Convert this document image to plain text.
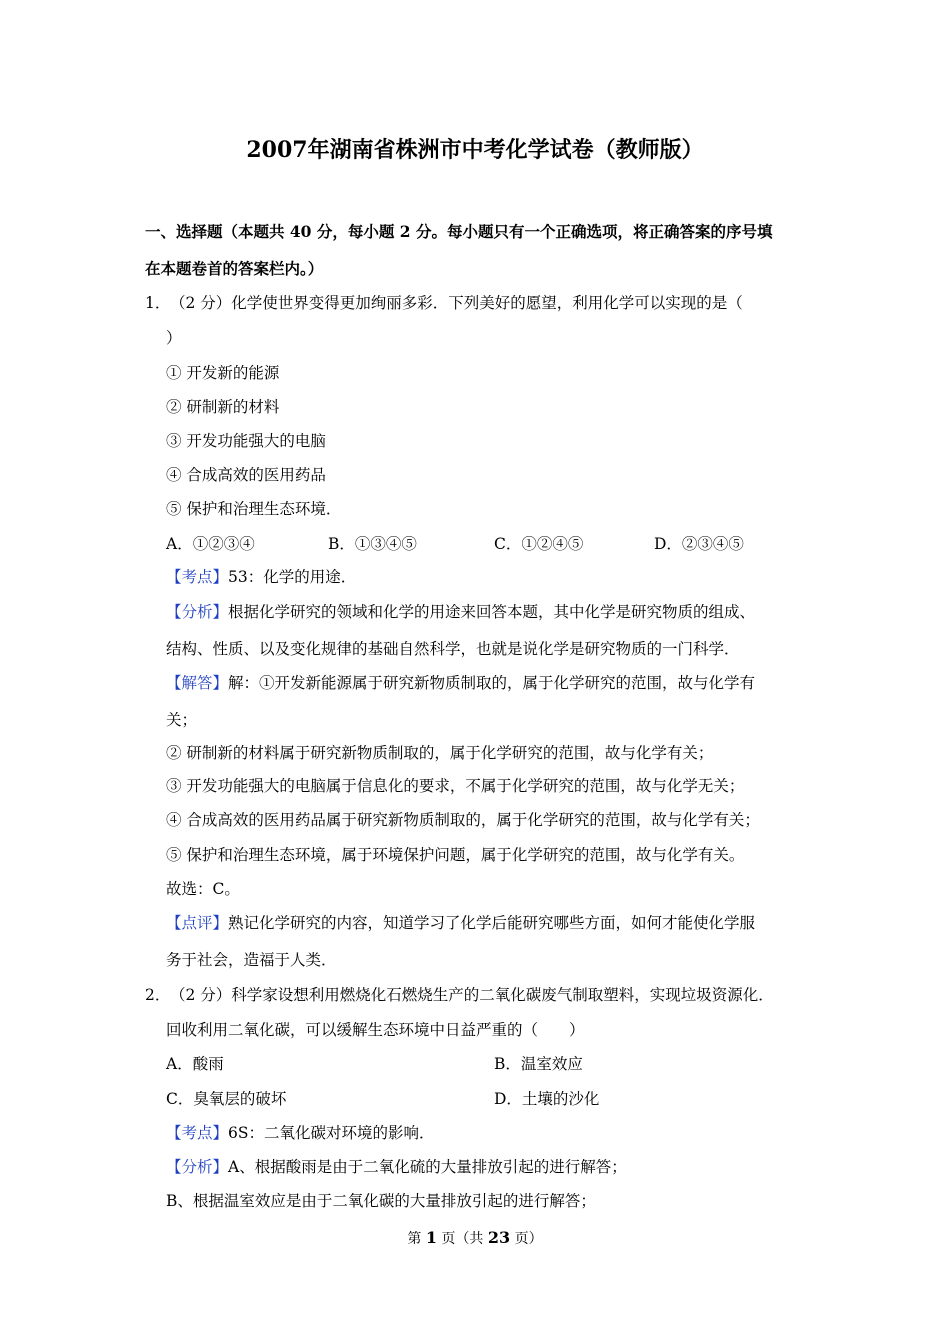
2007年湖南省株洲市中考化学试卷（教师版）
一、选择题（本题共 40 分，每小题 2 分。每小题只有一个正确选项，将正确答案的序号填
在本题卷首的答案栏内。）
1． （2 分）化学使世界变得更加绚丽多彩．下列美好的愿望，利用化学可以实现的是（
）
① 开发新的能源
② 研制新的材料
③ 开发功能强大的电脑
④ 合成高效的医用药品
⑤ 保护和治理生态环境．
A．①②③④	B．①③④⑤	C．①②④⑤	D．②③④⑤
【考点】53：化学的用途．
【分析】根据化学研究的领域和化学的用途来回答本题，其中化学是研究物质的组成、
结构、性质、以及变化规律的基础自然科学，也就是说化学是研究物质的一门科学．
【解答】解：①开发新能源属于研究新物质制取的，属于化学研究的范围，故与化学有
关；
② 研制新的材料属于研究新物质制取的，属于化学研究的范围，故与化学有关；
③ 开发功能强大的电脑属于信息化的要求，不属于化学研究的范围，故与化学无关；
④ 合成高效的医用药品属于研究新物质制取的，属于化学研究的范围，故与化学有关；
⑤ 保护和治理生态环境，属于环境保护问题，属于化学研究的范围，故与化学有关。
故选：C。
【点评】熟记化学研究的内容，知道学习了化学后能研究哪些方面，如何才能使化学服
务于社会，造福于人类．
2． （2 分）科学家设想利用燃烧化石燃烧生产的二氧化碳废气制取塑料，实现垃圾资源化．
回收利用二氧化碳，可以缓解生态环境中日益严重的（　　）
A．酸雨	B．温室效应
C．臭氧层的破坏	D．土壤的沙化
【考点】6S：二氧化碳对环境的影响．
【分析】A、根据酸雨是由于二氧化硫的大量排放引起的进行解答；
B、根据温室效应是由于二氧化碳的大量排放引起的进行解答；
第 1 页（共 23 页）
